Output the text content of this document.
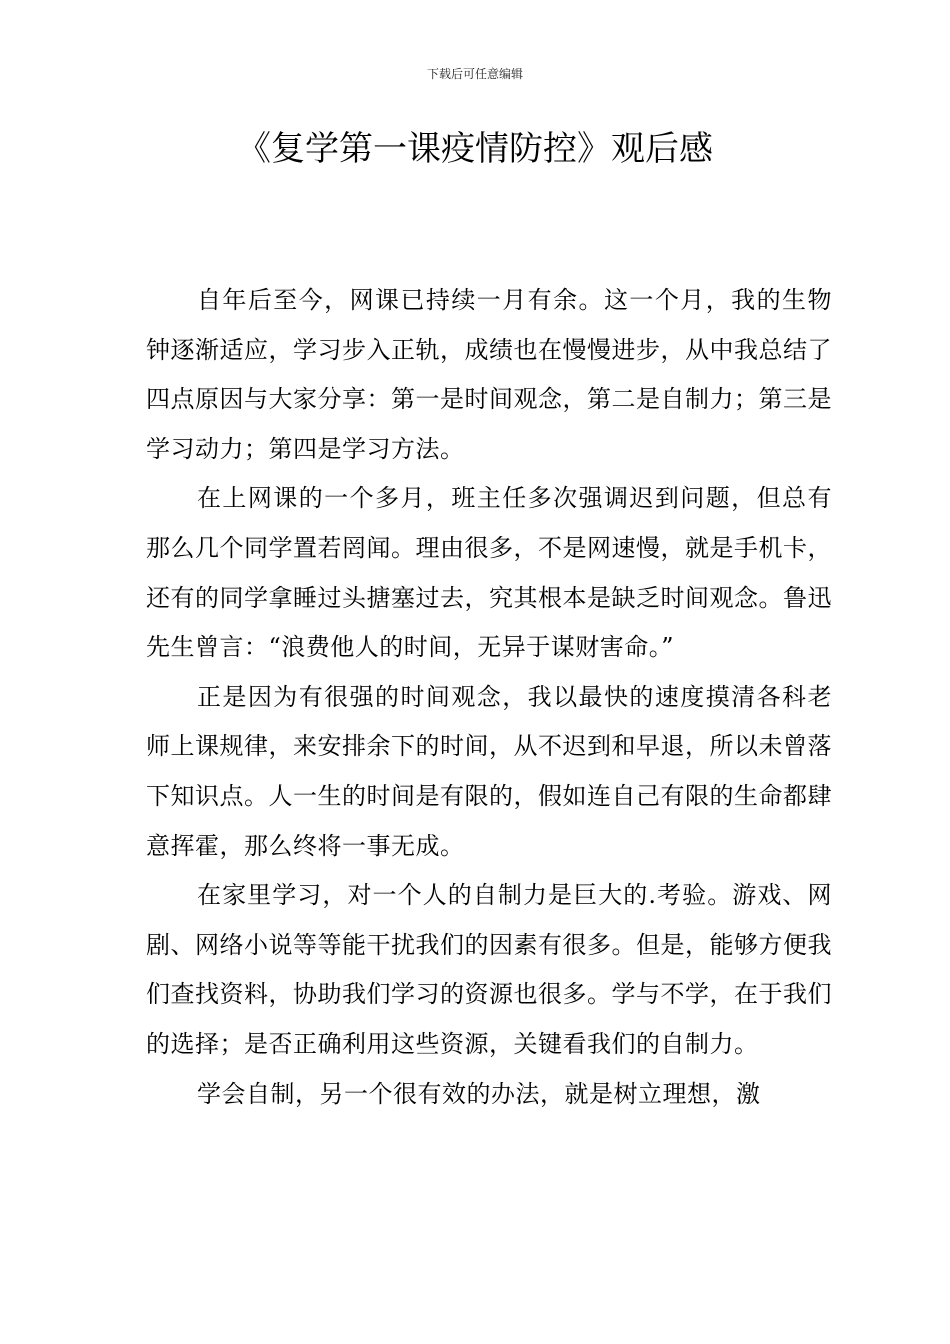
下载后可任意编辑
《复学第一课疫情防控》观后感

自年后至今，网课已持续一月有余。这一个月，我的生物钟逐渐适应，学习步入正轨，成绩也在慢慢进步，从中我总结了四点原因与大家分享：第一是时间观念，第二是自制力；第三是学习动力；第四是学习方法。

在上网课的一个多月，班主任多次强调迟到问题，但总有那么几个同学置若罔闻。理由很多，不是网速慢，就是手机卡，还有的同学拿睡过头搪塞过去，究其根本是缺乏时间观念。鲁迅先生曾言：“浪费他人的时间，无异于谋财害命。”

正是因为有很强的时间观念，我以最快的速度摸清各科老师上课规律，来安排余下的时间，从不迟到和早退，所以未曾落下知识点。人一生的时间是有限的，假如连自己有限的生命都肆意挥霍，那么终将一事无成。

在家里学习，对一个人的自制力是巨大的.考验。游戏、网剧、网络小说等等能干扰我们的因素有很多。但是，能够方便我们查找资料，协助我们学习的资源也很多。学与不学，在于我们的选择；是否正确利用这些资源，关键看我们的自制力。

学会自制，另一个很有效的办法，就是树立理想，激
